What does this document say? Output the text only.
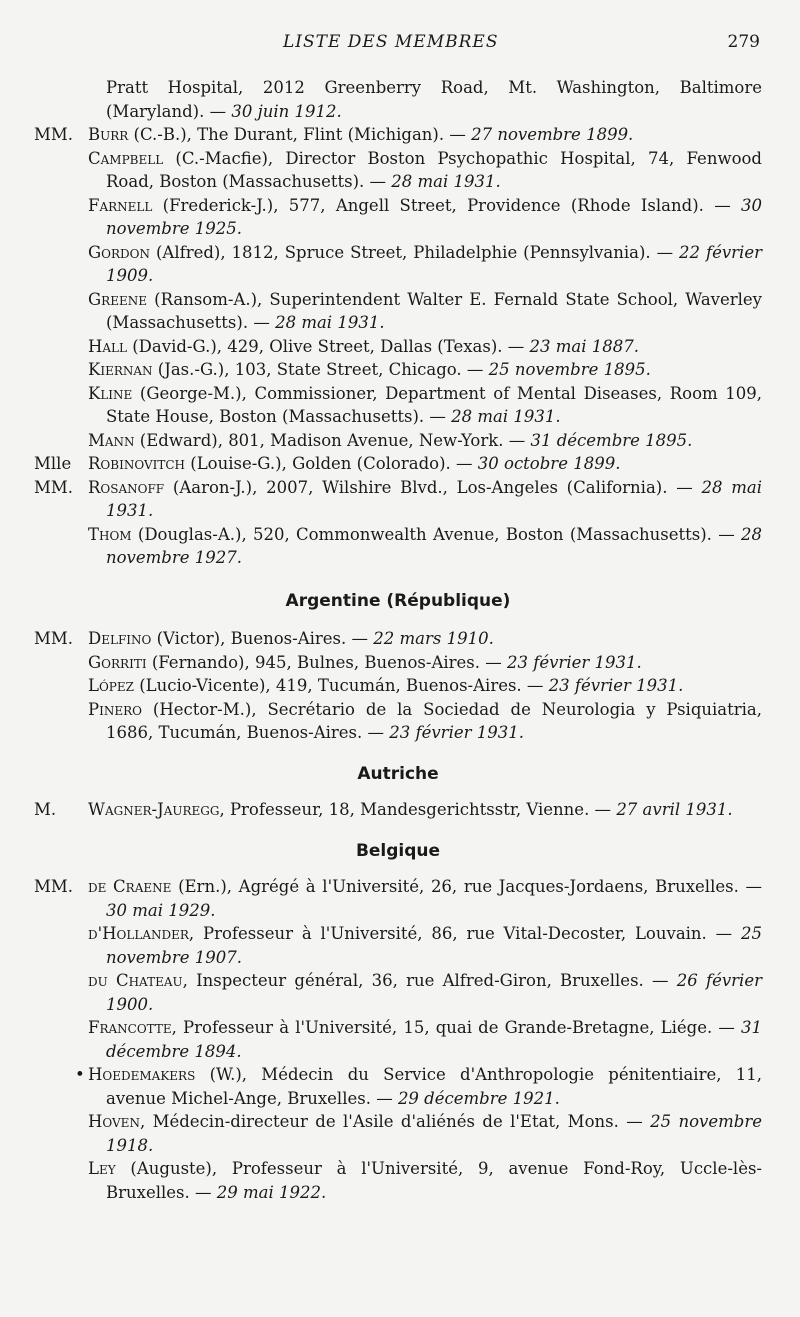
LISTE DES MEMBRES	279
Pratt Hospital, 2012 Greenberry Road, Mt. Washington, Baltimore (Maryland). — 30 juin 1912.
MM. Burr (C.-B.), The Durant, Flint (Michigan). — 27 novembre 1899.
Campbell (C.-Macfie), Director Boston Psychopathic Hospital, 74, Fenwood Road, Boston (Massachusetts). — 28 mai 1931.
Farnell (Frederick-J.), 577, Angell Street, Providence (Rhode Island). — 30 novembre 1925.
Gordon (Alfred), 1812, Spruce Street, Philadelphie (Pennsylvania). — 22 février 1909.
Greene (Ransom-A.), Superintendent Walter E. Fernald State School, Waverley (Massachusetts). — 28 mai 1931.
Hall (David-G.), 429, Olive Street, Dallas (Texas). — 23 mai 1887.
Kiernan (Jas.-G.), 103, State Street, Chicago. — 25 novembre 1895.
Kline (George-M.), Commissioner, Department of Mental Diseases, Room 109, State House, Boston (Massachusetts). — 28 mai 1931.
Mann (Edward), 801, Madison Avenue, New-York. — 31 décembre 1895.
Mlle	Robinovitch (Louise-G.), Golden (Colorado). — 30 octobre 1899.
MM. Rosanoff (Aaron-J.), 2007, Wilshire Blvd., Los-Angeles (California). — 28 mai 1931.
Thom (Douglas-A.), 520, Commonwealth Avenue, Boston (Massachusetts). — 28 novembre 1927.
Argentine (République)
MM. Delfino (Victor), Buenos-Aires. — 22 mars 1910.
Gorriti (Fernando), 945, Bulnes, Buenos-Aires. — 23 février 1931.
López (Lucio-Vicente), 419, Tucumán, Buenos-Aires. — 23 février 1931.
Pinero (Hector-M.), Secrétario de la Sociedad de Neurologia y Psiquiatria, 1686, Tucumán, Buenos-Aires. — 23 février 1931.
Autriche
M.	Wagner-Jauregg, Professeur, 18, Mandesgerichtsstr, Vienne. — 27 avril 1931.
Belgique
MM. de Craene (Ern.), Agrégé à l'Université, 26, rue Jacques-Jordaens, Bruxelles. — 30 mai 1929.
d'Hollander, Professeur à l'Université, 86, rue Vital-Decoster, Louvain. — 25 novembre 1907.
du Chateau, Inspecteur général, 36, rue Alfred-Giron, Bruxelles. — 26 février 1900.
Francotte, Professeur à l'Université, 15, quai de Grande-Bretagne, Liége. — 31 décembre 1894.
• Hoedemakers (W.), Médecin du Service d'Anthropologie pénitentiaire, 11, avenue Michel-Ange, Bruxelles. — 29 décembre 1921.
Hoven, Médecin-directeur de l'Asile d'aliénés de l'Etat, Mons. — 25 novembre 1918.
Ley (Auguste), Professeur à l'Université, 9, avenue Fond-Roy, Uccle-lès-Bruxelles. — 29 mai 1922.
